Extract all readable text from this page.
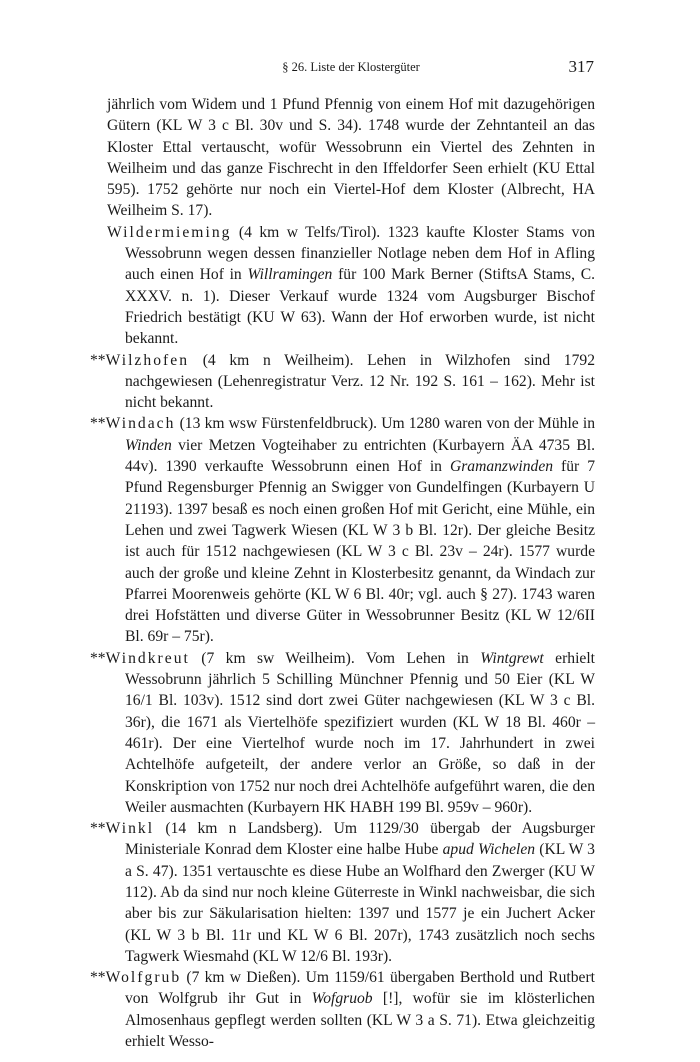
§ 26. Liste der Klostergüter	317

jährlich vom Widem und 1 Pfund Pfennig von einem Hof mit dazugehörigen Gütern (KL W 3 c Bl. 30v und S. 34). 1748 wurde der Zehntanteil an das Kloster Ettal vertauscht, wofür Wessobrunn ein Viertel des Zehnten in Weilheim und das ganze Fischrecht in den Iffeldorfer Seen erhielt (KU Ettal 595). 1752 gehörte nur noch ein Viertel-Hof dem Kloster (Albrecht, HA Weilheim S. 17).

Wildermieming (4 km w Telfs/Tirol). 1323 kaufte Kloster Stams von Wessobrunn wegen dessen finanzieller Notlage neben dem Hof in Afling auch einen Hof in Willramingen für 100 Mark Berner (StiftsA Stams, C. XXXV. n. 1). Dieser Verkauf wurde 1324 vom Augsburger Bischof Friedrich bestätigt (KU W 63). Wann der Hof erworben wurde, ist nicht bekannt.

**Wilzhofen (4 km n Weilheim). Lehen in Wilzhofen sind 1792 nachgewiesen (Lehenregistratur Verz. 12 Nr. 192 S. 161 – 162). Mehr ist nicht bekannt.

**Windach (13 km wsw Fürstenfeldbruck). Um 1280 waren von der Mühle in Winden vier Metzen Vogteihaber zu entrichten (Kurbayern ÄA 4735 Bl. 44v). 1390 verkaufte Wessobrunn einen Hof in Gramanzwinden für 7 Pfund Regensburger Pfennig an Swigger von Gundelfingen (Kurbayern U 21193). 1397 besaß es noch einen großen Hof mit Gericht, eine Mühle, ein Lehen und zwei Tagwerk Wiesen (KL W 3 b Bl. 12r). Der gleiche Besitz ist auch für 1512 nachgewiesen (KL W 3 c Bl. 23v – 24r). 1577 wurde auch der große und kleine Zehnt in Klosterbesitz genannt, da Windach zur Pfarrei Moorenweis gehörte (KL W 6 Bl. 40r; vgl. auch § 27). 1743 waren drei Hofstätten und diverse Güter in Wessobrunner Besitz (KL W 12/6II Bl. 69r – 75r).

**Windkreut (7 km sw Weilheim). Vom Lehen in Wintgrewt erhielt Wessobrunn jährlich 5 Schilling Münchner Pfennig und 50 Eier (KL W 16/1 Bl. 103v). 1512 sind dort zwei Güter nachgewiesen (KL W 3 c Bl. 36r), die 1671 als Viertelhöfe spezifiziert wurden (KL W 18 Bl. 460r – 461r). Der eine Viertelhof wurde noch im 17. Jahrhundert in zwei Achtelhöfe aufgeteilt, der andere verlor an Größe, so daß in der Konskription von 1752 nur noch drei Achtelhöfe aufgeführt waren, die den Weiler ausmachten (Kurbayern HK HABH 199 Bl. 959v – 960r).

**Winkl (14 km n Landsberg). Um 1129/30 übergab der Augsburger Ministeriale Konrad dem Kloster eine halbe Hube apud Wichelen (KL W 3 a S. 47). 1351 vertauschte es diese Hube an Wolfhard den Zwerger (KU W 112). Ab da sind nur noch kleine Güterreste in Winkl nachweisbar, die sich aber bis zur Säkularisation hielten: 1397 und 1577 je ein Juchert Acker (KL W 3 b Bl. 11r und KL W 6 Bl. 207r), 1743 zusätzlich noch sechs Tagwerk Wiesmahd (KL W 12/6 Bl. 193r).

**Wolfgrub (7 km w Dießen). Um 1159/61 übergaben Berthold und Rutbert von Wolfgrub ihr Gut in Wofgruob [!], wofür sie im klösterlichen Almosenhaus gepflegt werden sollten (KL W 3 a S. 71). Etwa gleichzeitig erhielt Wesso-
